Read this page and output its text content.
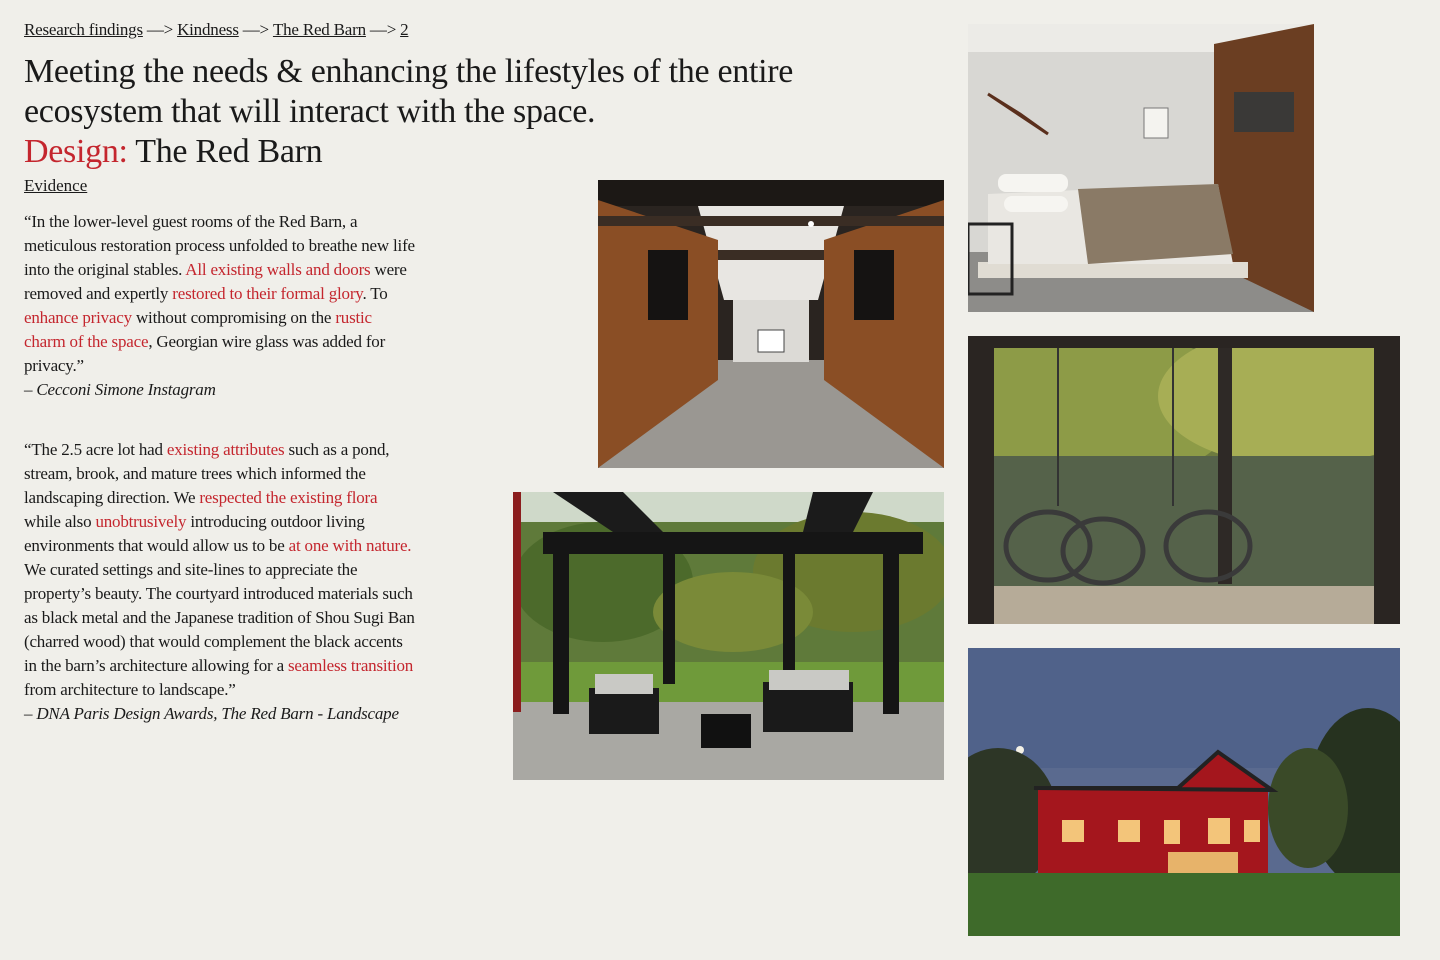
Research findings —> Kindness —> The Red Barn —> 2
Meeting the needs & enhancing the lifestyles of the entire ecosystem that will interact with the space.
Design: The Red Barn
Evidence
“In the lower-level guest rooms of the Red Barn, a meticulous restoration process unfolded to breathe new life into the original stables. All existing walls and doors were removed and expertly restored to their formal glory. To enhance privacy without compromising on the rustic charm of the space, Georgian wire glass was added for privacy.”
– Cecconi Simone Instagram
“The 2.5 acre lot had existing attributes such as a pond, stream, brook, and mature trees which informed the landscaping direction. We respected the existing flora while also unobtrusively introducing outdoor living environments that would allow us to be at one with nature. We curated settings and site-lines to appreciate the property’s beauty. The courtyard introduced materials such as black metal and the Japanese tradition of Shou Sugi Ban (charred wood) that would complement the black accents in the barn’s architecture allowing for a seamless transition from architecture to landscape.”
– DNA Paris Design Awards, The Red Barn - Landscape
